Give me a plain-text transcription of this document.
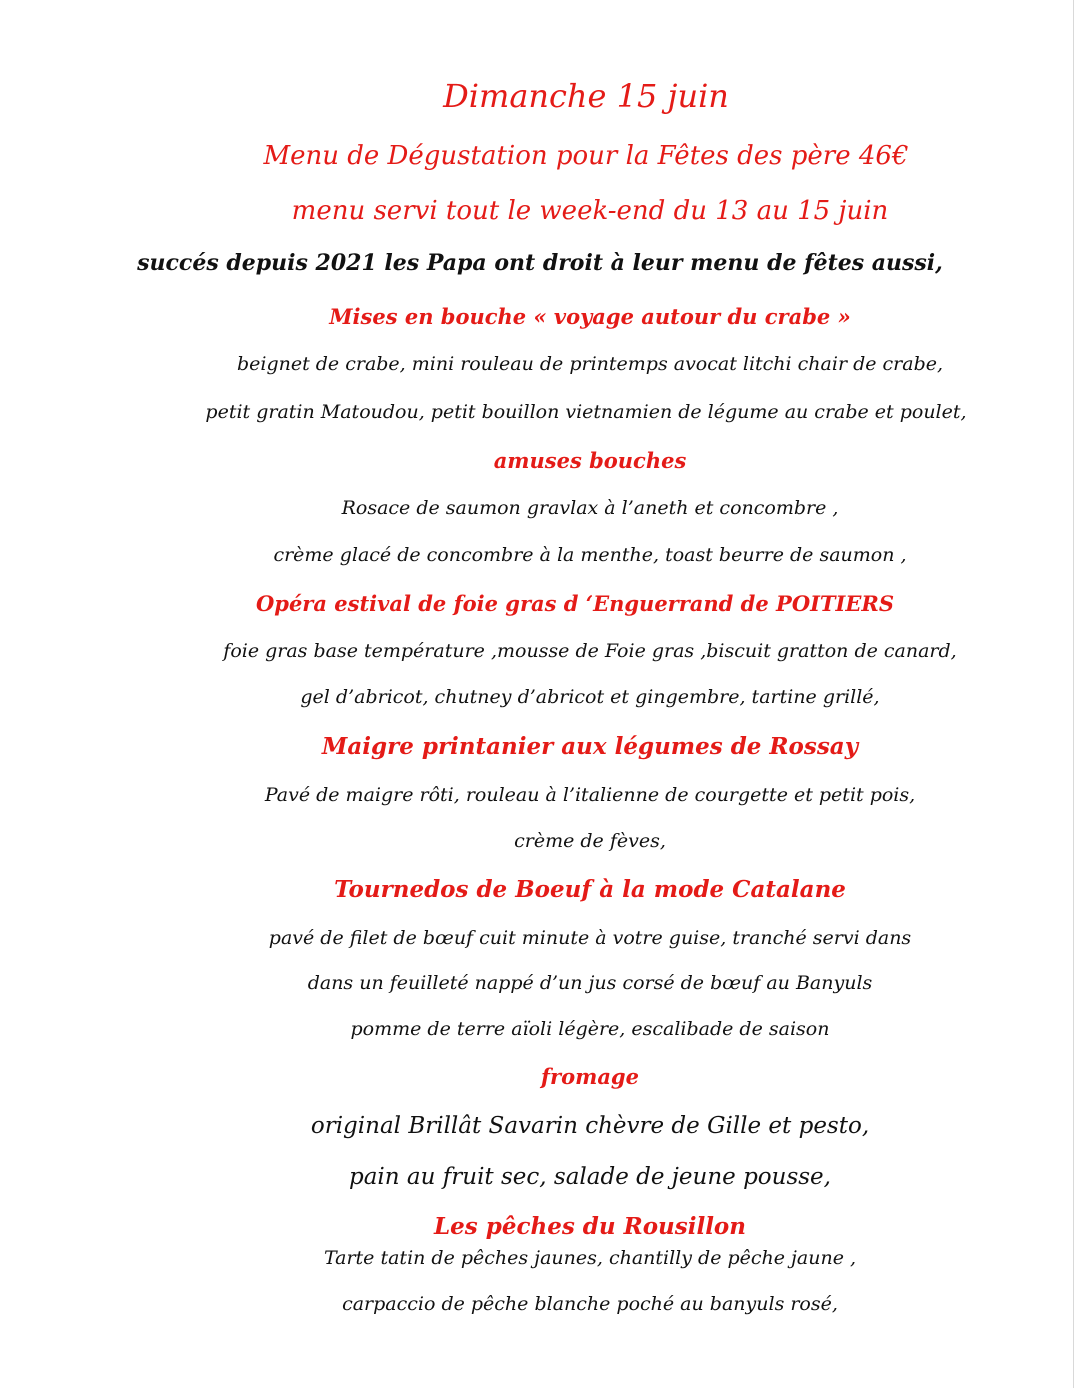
Dimanche 15 juin
Menu de Dégustation pour la Fêtes des père 46€
menu servi tout le week-end du 13 au 15 juin
succés depuis 2021 les Papa ont droit à leur menu de fêtes aussi,
Mises en bouche « voyage autour du crabe »
beignet de crabe, mini rouleau de printemps avocat litchi chair de crabe,
petit gratin Matoudou, petit bouillon vietnamien de légume au crabe et poulet,
amuses bouches
Rosace de saumon gravlax à l’aneth et concombre ,
crème glacé de concombre à la menthe, toast beurre de saumon ,
Opéra estival de foie gras d ‘Enguerrand de POITIERS
foie gras base température ,mousse de Foie gras ,biscuit gratton de canard,
gel d’abricot, chutney d’abricot et gingembre, tartine grillé,
Maigre printanier aux légumes de Rossay
Pavé de maigre rôti, rouleau à l’italienne de courgette et petit pois,
crème de fèves,
Tournedos de Boeuf à la mode Catalane
pavé de filet de bœuf cuit minute à votre guise, tranché servi dans
dans un feuilleté nappé d’un jus corsé de bœuf au Banyuls
pomme de terre aïoli légère, escalibade de saison
fromage
original Brillât Savarin chèvre de Gille et pesto,
pain au fruit sec, salade de jeune pousse,
Les pêches du Rousillon
Tarte tatin de pêches jaunes, chantilly de pêche jaune ,
carpaccio de pêche blanche poché au banyuls rosé,
